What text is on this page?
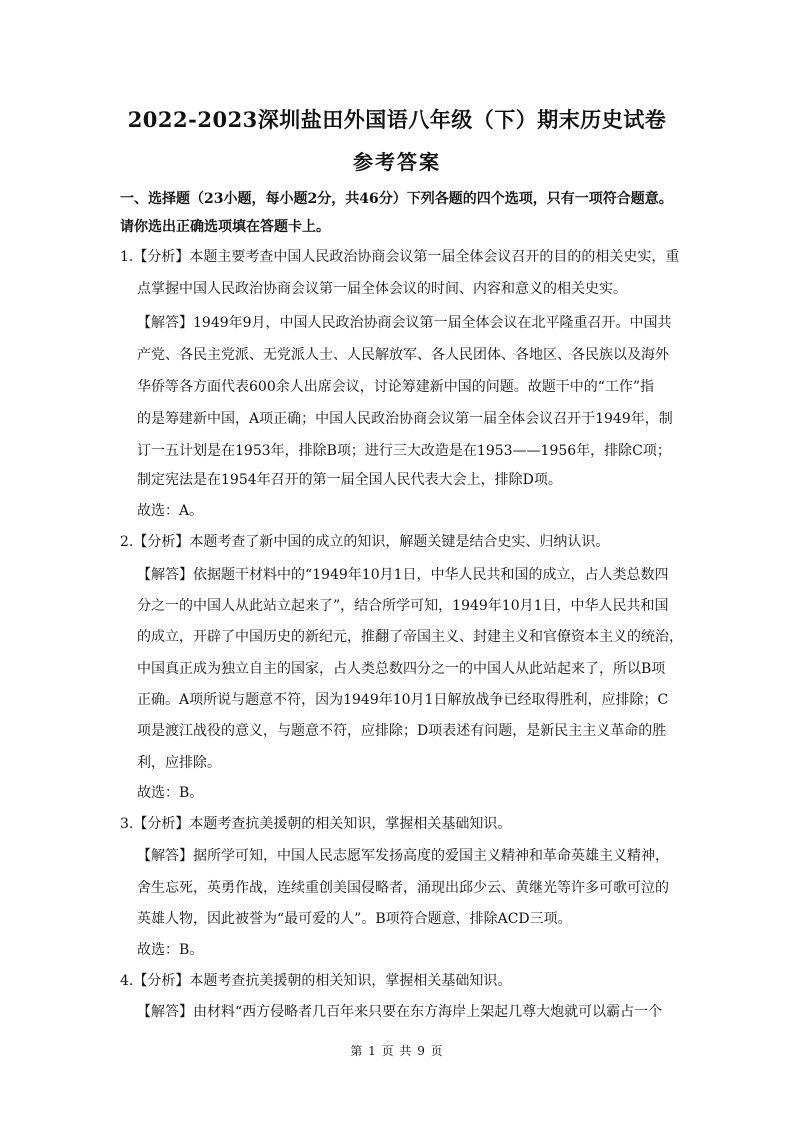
2022-2023深圳盐田外国语八年级（下）期末历史试卷
参考答案
一、选择题（23小题，每小题2分，共46分）下列各题的四个选项，只有一项符合题意。请你选出正确选项填在答题卡上。
1.【分析】本题主要考查中国人民政治协商会议第一届全体会议召开的目的的相关史实，重
点掌握中国人民政治协商会议第一届全体会议的时间、内容和意义的相关史实。
【解答】1949年9月，中国人民政治协商会议第一届全体会议在北平隆重召开。中国共
产党、各民主党派、无党派人士、人民解放军、各人民团体、各地区、各民族以及海外
华侨等各方面代表600余人出席会议，讨论筹建新中国的问题。故题干中的“工作”指
的是筹建新中国，A项正确；中国人民政治协商会议第一届全体会议召开于1949年，制
订一五计划是在1953年，排除B项；进行三大改造是在1953——1956年，排除C项；
制定宪法是在1954年召开的第一届全国人民代表大会上，排除D项。
故选：A。
2.【分析】本题考查了新中国的成立的知识，解题关键是结合史实、归纳认识。
【解答】依据题干材料中的“1949年10月1日，中华人民共和国的成立，占人类总数四
分之一的中国人从此站立起来了”，结合所学可知，1949年10月1日，中华人民共和国
的成立，开辟了中国历史的新纪元，推翻了帝国主义、封建主义和官僚资本主义的统治，
中国真正成为独立自主的国家，占人类总数四分之一的中国人从此站起来了，所以B项
正确。A项所说与题意不符，因为1949年10月1日解放战争已经取得胜利，应排除；C
项是渡江战役的意义，与题意不符，应排除；D项表述有问题，是新民主主义革命的胜
利，应排除。
故选：B。
3.【分析】本题考查抗美援朝的相关知识，掌握相关基础知识。
【解答】据所学可知，中国人民志愿军发扬高度的爱国主义精神和革命英雄主义精神，
舍生忘死，英勇作战，连续重创美国侵略者，涌现出邱少云、黄继光等许多可歌可泣的
英雄人物，因此被誉为“最可爱的人”。B项符合题意，排除ACD三项。
故选：B。
4.【分析】本题考查抗美援朝的相关知识，掌握相关基础知识。
【解答】由材料“西方侵略者几百年来只要在东方海岸上架起几尊大炮就可以霸占一个
第 1 页 共 9 页
